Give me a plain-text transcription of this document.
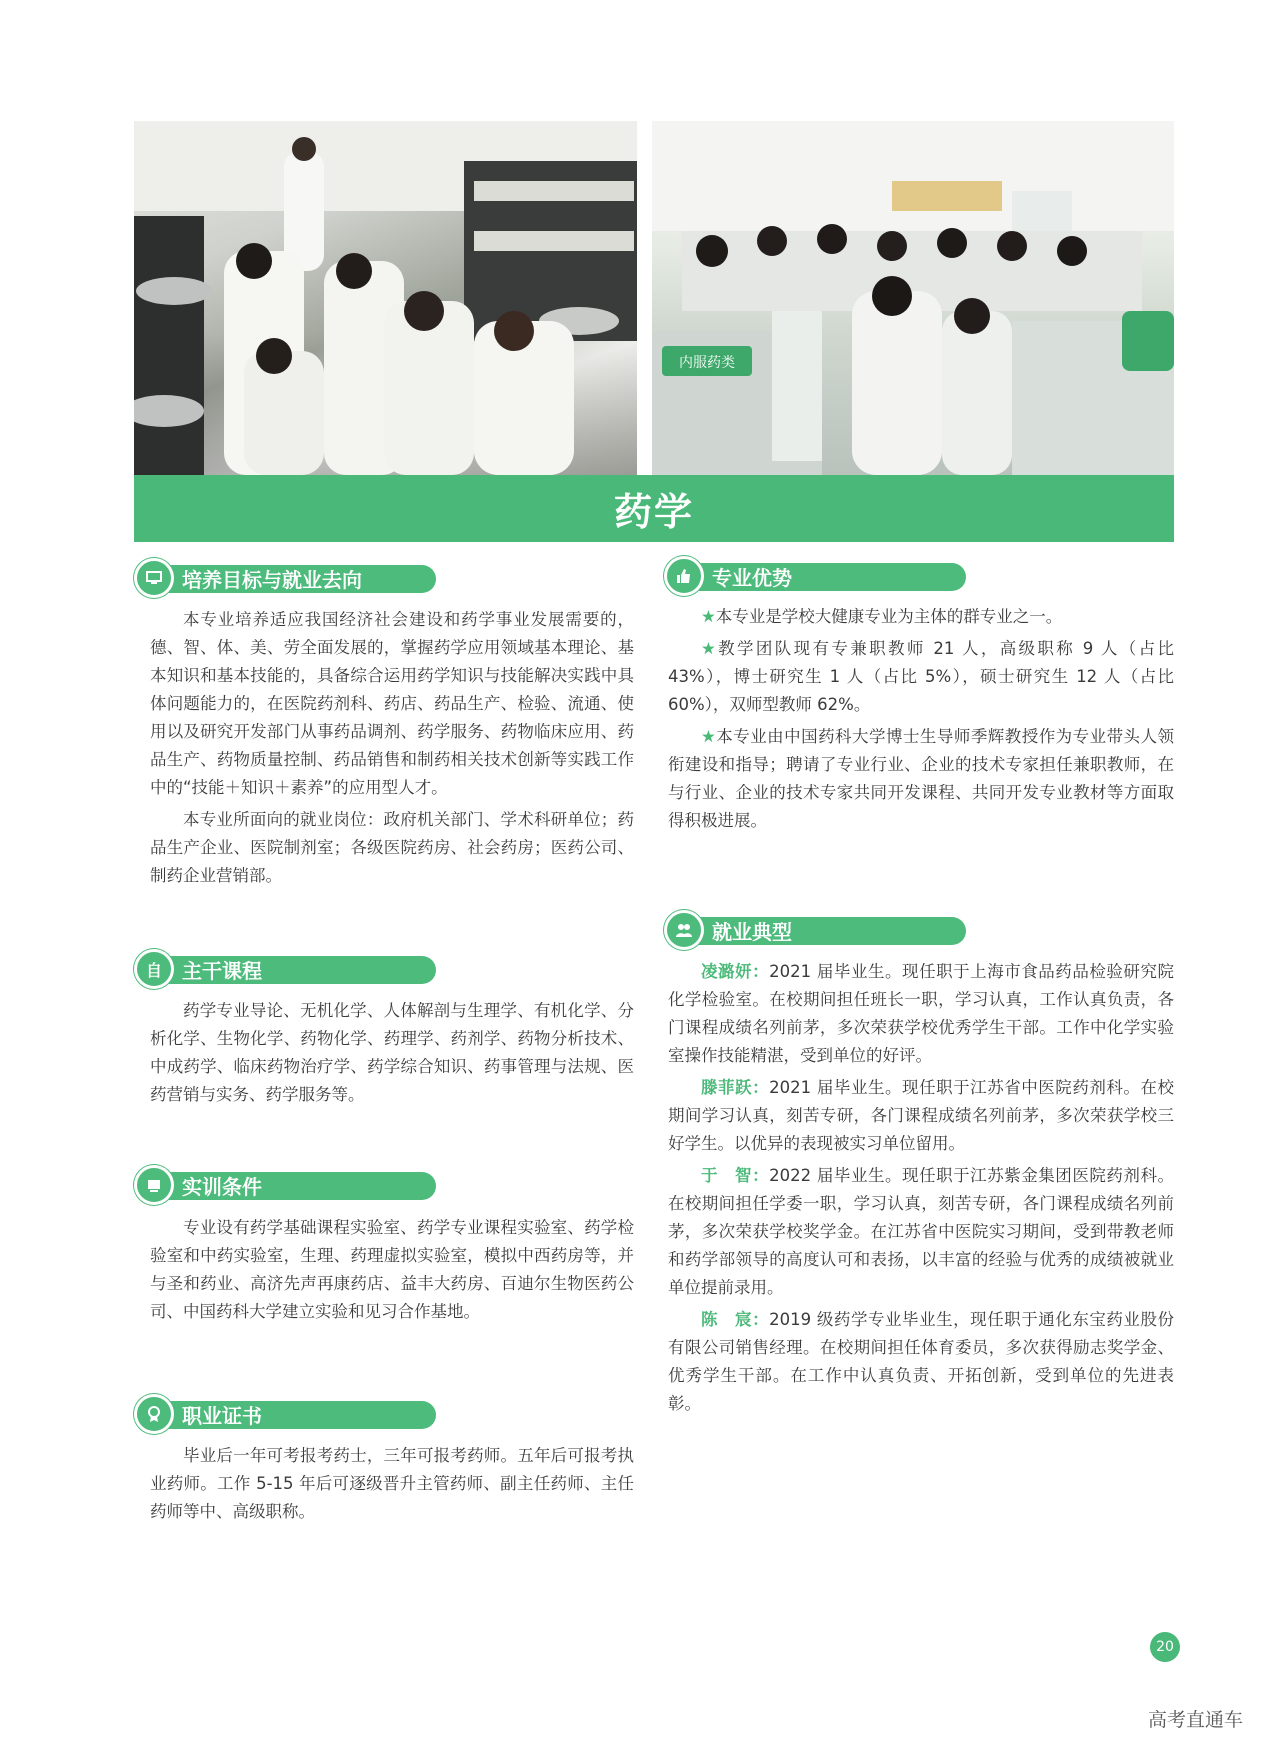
内服药类
药学
培养目标与就业去向

本专业培养适应我国经济社会建设和药学事业发展需要的，德、智、体、美、劳全面发展的，掌握药学应用领域基本理论、基本知识和基本技能的，具备综合运用药学知识与技能解决实践中具体问题能力的，在医院药剂科、药店、药品生产、检验、流通、使用以及研究开发部门从事药品调剂、药学服务、药物临床应用、药品生产、药物质量控制、药品销售和制药相关技术创新等实践工作中的“技能＋知识＋素养”的应用型人才。

本专业所面向的就业岗位：政府机关部门、学术科研单位；药品生产企业、医院制剂室；各级医院药房、社会药房；医药公司、制药企业营销部。

自 主干课程

药学专业导论、无机化学、人体解剖与生理学、有机化学、分析化学、生物化学、药物化学、药理学、药剂学、药物分析技术、中成药学、临床药物治疗学、药学综合知识、药事管理与法规、医药营销与实务、药学服务等。

实训条件

专业设有药学基础课程实验室、药学专业课程实验室、药学检验室和中药实验室，生理、药理虚拟实验室，模拟中西药房等，并与圣和药业、高济先声再康药店、益丰大药房、百迪尔生物医药公司、中国药科大学建立实验和见习合作基地。

职业证书

毕业后一年可考报考药士，三年可报考药师。五年后可报考执业药师。工作 5-15 年后可逐级晋升主管药师、副主任药师、主任药师等中、高级职称。

专业优势

★本专业是学校大健康专业为主体的群专业之一。

★教学团队现有专兼职教师 21 人，高级职称 9 人（占比 43%），博士研究生 1 人（占比 5%），硕士研究生 12 人（占比 60%），双师型教师 62%。

★本专业由中国药科大学博士生导师季辉教授作为专业带头人领衔建设和指导；聘请了专业行业、企业的技术专家担任兼职教师，在与行业、企业的技术专家共同开发课程、共同开发专业教材等方面取得积极进展。

就业典型

凌潞妍：2021 届毕业生。现任职于上海市食品药品检验研究院化学检验室。在校期间担任班长一职，学习认真，工作认真负责，各门课程成绩名列前茅，多次荣获学校优秀学生干部。工作中化学实验室操作技能精湛，受到单位的好评。

滕菲跃：2021 届毕业生。现任职于江苏省中医院药剂科。在校期间学习认真，刻苦专研，各门课程成绩名列前茅，多次荣获学校三好学生。以优异的表现被实习单位留用。

于　智：2022 届毕业生。现任职于江苏紫金集团医院药剂科。在校期间担任学委一职，学习认真，刻苦专研，各门课程成绩名列前茅，多次荣获学校奖学金。在江苏省中医院实习期间，受到带教老师和药学部领导的高度认可和表扬，以丰富的经验与优秀的成绩被就业单位提前录用。

陈　宸：2019 级药学专业毕业生，现任职于通化东宝药业股份有限公司销售经理。在校期间担任体育委员，多次获得励志奖学金、优秀学生干部。在工作中认真负责、开拓创新，受到单位的先进表彰。

20
高考直通车
